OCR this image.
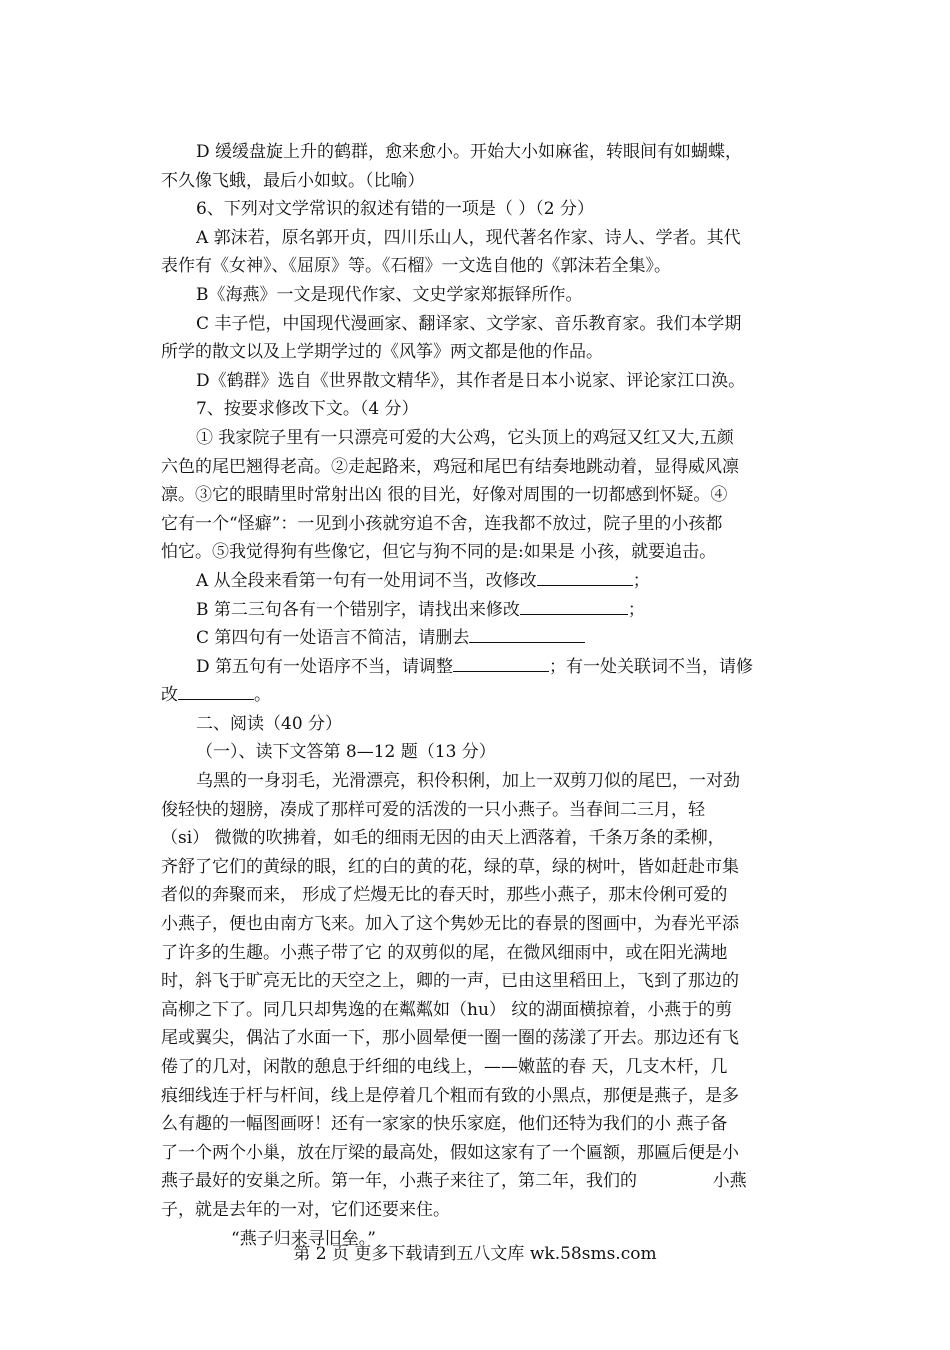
D 缓缓盘旋上升的鹤群，愈来愈小。开始大小如麻雀，转眼间有如蝴蝶，

不久像飞蛾，最后小如蚊。（比喻）

6、下列对文学常识的叙述有错的一项是（ ）（2 分）

A 郭沫若，原名郭开贞，四川乐山人，现代著名作家、诗人、学者。其代

表作有《女神》、《屈原》等。《石榴》一文选自他的《郭沫若全集》。

B《海燕》一文是现代作家、文史学家郑振铎所作。

C 丰子恺，中国现代漫画家、翻译家、文学家、音乐教育家。我们本学期

所学的散文以及上学期学过的《风筝》两文都是他的作品。

D《鹤群》选自《世界散文精华》，其作者是日本小说家、评论家江口涣。

7、按要求修改下文。（4 分）

① 我家院子里有一只漂亮可爱的大公鸡，它头顶上的鸡冠又红又大,五颜

六色的尾巴翘得老高。②走起路来，鸡冠和尾巴有结奏地跳动着，显得威风凛

凛。③它的眼睛里时常射出凶 很的目光，好像对周围的一切都感到怀疑。④

它有一个“怪癖”：一见到小孩就穷追不舍，连我都不放过，院子里的小孩都

怕它。⑤我觉得狗有些像它，但它与狗不同的是:如果是 小孩，就要追击。

A 从全段来看第一句有一处用词不当，改修改	；

B 第二三句各有一个错别字，请找出来修改	；

C 第四句有一处语言不简洁，请删去

D 第五句有一处语序不当，请调整	；有一处关联词不当，请修

改	。

二、阅读（40 分）

（一）、读下文答第 8—12 题（13 分）

乌黑的一身羽毛，光滑漂亮，积伶积俐，加上一双剪刀似的尾巴，一对劲

俊轻快的翅膀，凑成了那样可爱的活泼的一只小燕子。当春间二三月，轻

（si） 微微的吹拂着，如毛的细雨无因的由天上洒落着，千条万条的柔柳，

齐舒了它们的黄绿的眼，红的白的黄的花，绿的草，绿的树叶，皆如赶赴市集

者似的奔聚而来， 形成了烂熳无比的春天时，那些小燕子，那末伶俐可爱的

小燕子，便也由南方飞来。加入了这个隽妙无比的春景的图画中，为春光平添

了许多的生趣。小燕子带了它 的双剪似的尾，在微风细雨中，或在阳光满地

时，斜飞于旷亮无比的天空之上，卿的一声，已由这里稻田上，飞到了那边的

高柳之下了。同几只却隽逸的在粼粼如（hu） 纹的湖面横掠着，小燕于的剪

尾或翼尖，偶沾了水面一下，那小圆晕便一圈一圈的荡漾了开去。那边还有飞

倦了的几对，闲散的憩息于纤细的电线上，——嫩蓝的春 天，几支木杆，几

痕细线连于杆与杆间，线上是停着几个粗而有致的小黑点，那便是燕子，是多

么有趣的一幅图画呀！还有一家家的快乐家庭，他们还特为我们的小 燕子备

了一个两个小巢，放在厅梁的最高处，假如这家有了一个匾额，那匾后便是小

燕子最好的安巢之所。第一年，小燕子来往了，第二年，我们的              小燕

子，就是去年的一对，它们还要来住。

“燕子归来寻旧垒。”

第 2 页 更多下载请到五八文库 wk.58sms.com
